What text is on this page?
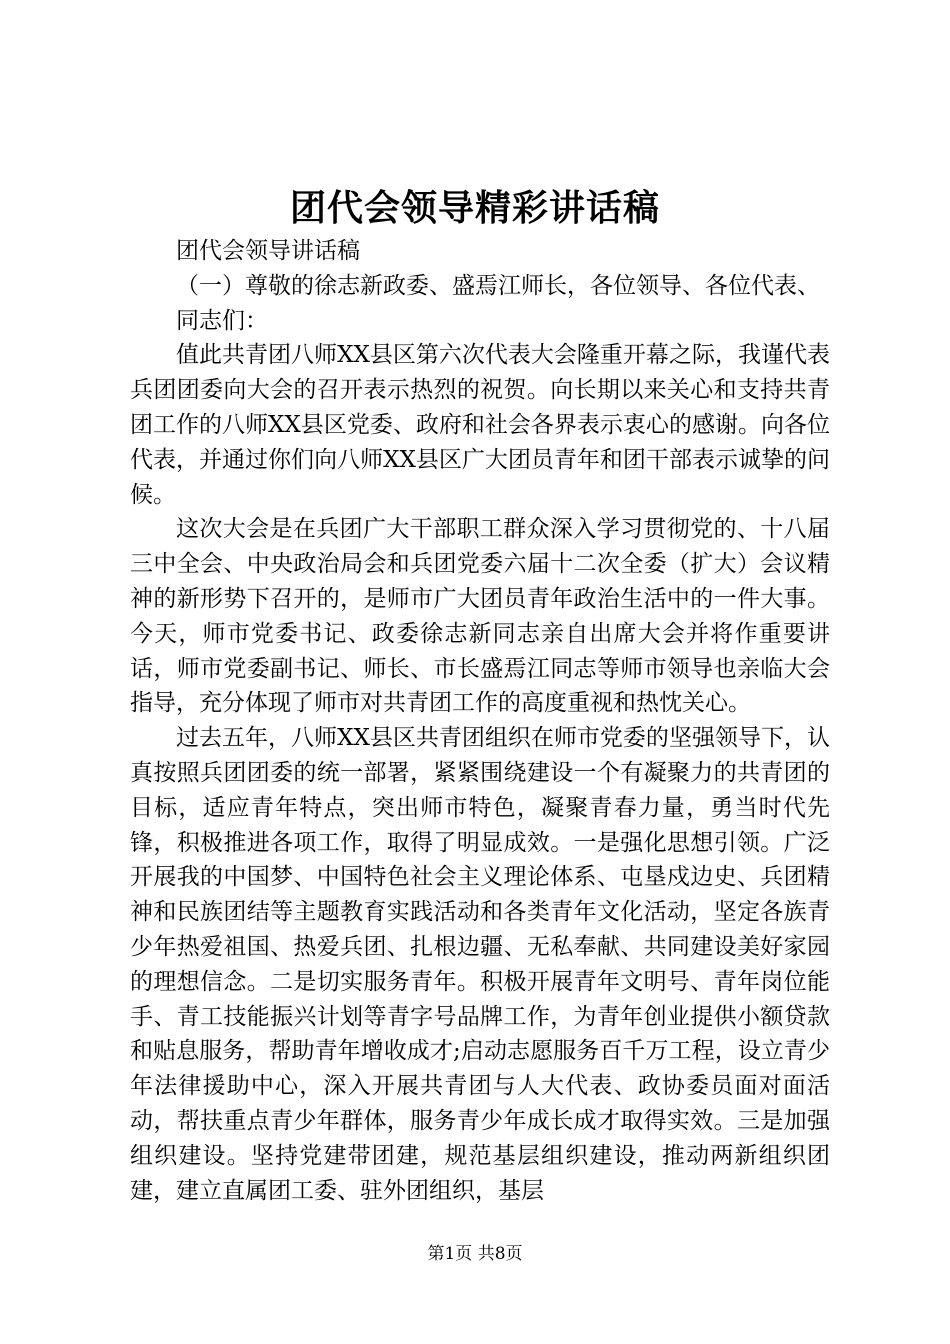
团代会领导精彩讲话稿

团代会领导讲话稿

（一）尊敬的徐志新政委、盛焉江师长，各位领导、各位代表、

同志们：

值此共青团八师XX县区第六次代表大会隆重开幕之际，我谨代表兵团团委向大会的召开表示热烈的祝贺。向长期以来关心和支持共青团工作的八师XX县区党委、政府和社会各界表示衷心的感谢。向各位代表，并通过你们向八师XX县区广大团员青年和团干部表示诚挚的问候。

这次大会是在兵团广大干部职工群众深入学习贯彻党的、十八届三中全会、中央政治局会和兵团党委六届十二次全委（扩大）会议精神的新形势下召开的，是师市广大团员青年政治生活中的一件大事。今天，师市党委书记、政委徐志新同志亲自出席大会并将作重要讲话，师市党委副书记、师长、市长盛焉江同志等师市领导也亲临大会指导，充分体现了师市对共青团工作的高度重视和热忱关心。

过去五年，八师XX县区共青团组织在师市党委的坚强领导下，认真按照兵团团委的统一部署，紧紧围绕建设一个有凝聚力的共青团的目标，适应青年特点，突出师市特色，凝聚青春力量，勇当时代先锋，积极推进各项工作，取得了明显成效。一是强化思想引领。广泛开展我的中国梦、中国特色社会主义理论体系、屯垦戍边史、兵团精神和民族团结等主题教育实践活动和各类青年文化活动，坚定各族青少年热爱祖国、热爱兵团、扎根边疆、无私奉献、共同建设美好家园的理想信念。二是切实服务青年。积极开展青年文明号、青年岗位能手、青工技能振兴计划等青字号品牌工作，为青年创业提供小额贷款和贴息服务，帮助青年增收成才;启动志愿服务百千万工程，设立青少年法律援助中心，深入开展共青团与人大代表、政协委员面对面活动，帮扶重点青少年群体，服务青少年成长成才取得实效。三是加强组织建设。坚持党建带团建，规范基层组织建设，推动两新组织团建，建立直属团工委、驻外团组织，基层

第1页 共8页
